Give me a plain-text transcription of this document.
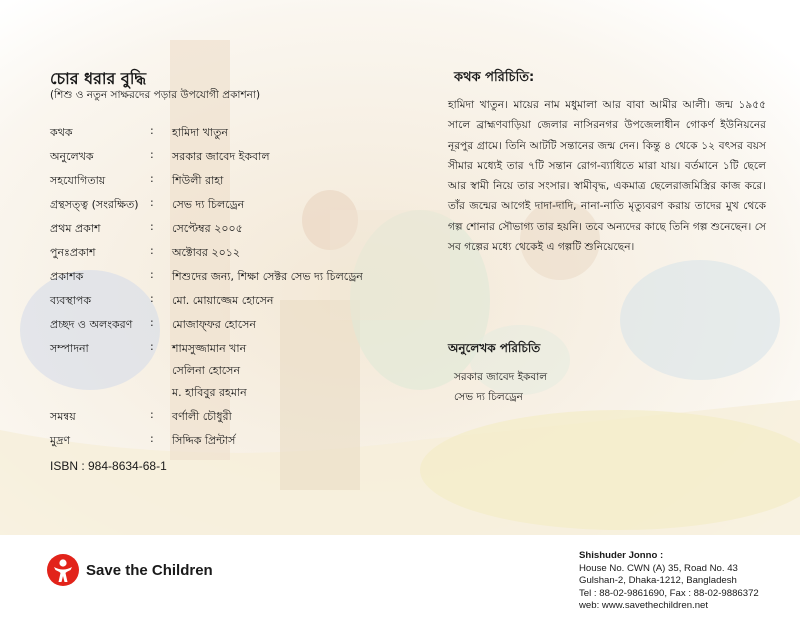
চোর ধরার বুদ্ধি
(শিশু ও নতুন সাক্ষরদের পড়ার উপযোগী প্রকাশনা)
কথক	: হামিদা খাতুন
অনুলেখক	: সরকার জাবেদ ইকবাল
সহযোগিতায়	: শিউলী রাহা
গ্রন্থসত্ত্ব (সংরক্ষিত) : সেভ দ্য চিলড্রেন
প্রথম প্রকাশ	: সেপ্টেম্বর ২০০৫
পুনঃপ্রকাশ	: অক্টোবর ২০১২
প্রকাশক	: শিশুদের জন্য, শিক্ষা সেক্টর সেভ দ্য চিলড্রেন
ব্যবস্থাপক	: মো. মোয়াজ্জেম হোসেন
প্রচ্ছদ ও অলংকরণ : মোজাফ্ফর হোসেন
সম্পাদনা	: শামসুজ্জামান খান
সেলিনা হোসেন
ম. হাবিবুর রহমান
সমন্বয়	: বর্ণালী চৌধুরী
মুদ্রণ	: সিদ্দিক প্রিন্টার্স
ISBN : 984-8634-68-1
কথক পরিচিতি:

হামিদা খাতুন। মায়ের নাম মধুমালা আর বাবা আমীর আলী। জন্ম ১৯৫৫ সালে ব্রাহ্মণবাড়িয়া জেলার নাসিরনগর উপজেলাধীন গোকর্ণ ইউনিয়নের নূরপুর গ্রামে। তিনি আটটি সন্তানের জন্ম দেন। কিন্তু ৪ থেকে ১২ বৎসর বয়স সীমার মধ্যেই তার ৭টি সন্তান রোগ-ব্যাধিতে মারা যায়। বর্তমানে ১টি ছেলে আর স্বামী নিয়ে তার সংসার। স্বামীবৃদ্ধ, একমাত্র ছেলেরাজমিস্ত্রির কাজ করে। তাঁর জন্মের আগেই দাদা-দাদি, নানা-নাতি মৃত্যুবরণ করায় তাদের মুখ থেকে গল্প শোনার সৌভাগ্য তার হয়নি। তবে অন্যদের কাছে তিনি গল্প শুনেছেন। সে সব গল্পের মধ্যে থেকেই এ গল্পটি শুনিয়েছেন।

অনুলেখক পরিচিতি
সরকার জাবেদ ইকবাল
সেভ দ্য চিলড্রেন
Save the Children
Shishuder Jonno :
House No. CWN (A) 35, Road No. 43
Gulshan-2, Dhaka-1212, Bangladesh
Tel : 88-02-9861690, Fax : 88-02-9886372
web: www.savethechildren.net
